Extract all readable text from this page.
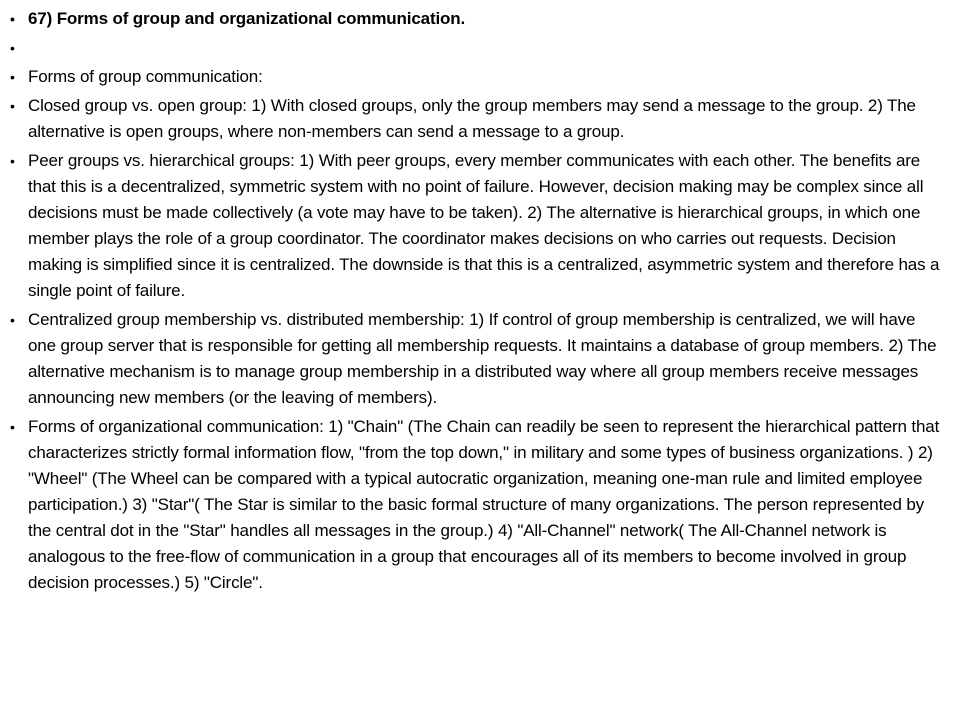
• 67) Forms of group and organizational communication.
•
• Forms of group communication:
• Closed group vs. open group: 1) With closed groups, only the group members may send a message to the group. 2) The alternative is open groups, where non-members can send a message to a group.
• Peer groups vs. hierarchical groups: 1) With peer groups, every member communicates with each other. The benefits are that this is a decentralized, symmetric system with no point of failure. However, decision making may be complex since all decisions must be made collectively (a vote may have to be taken). 2) The alternative is hierarchical groups, in which one member plays the role of a group coordinator. The coordinator makes decisions on who carries out requests. Decision making is simplified since it is centralized. The downside is that this is a centralized, asymmetric system and therefore has a single point of failure.
• Centralized group membership vs. distributed membership: 1) If control of group membership is centralized, we will have one group server that is responsible for getting all membership requests. It maintains a database of group members. 2) The alternative mechanism is to manage group membership in a distributed way where all group members receive messages announcing new members (or the leaving of members).
• Forms of organizational communication: 1) "Chain" (The Chain can readily be seen to represent the hierarchical pattern that characterizes strictly formal information flow, "from the top down," in military and some types of business organizations. ) 2) "Wheel" (The Wheel can be compared with a typical autocratic organization, meaning one-man rule and limited employee participation.) 3) "Star"( The Star is similar to the basic formal structure of many organizations. The person represented by the central dot in the "Star" handles all messages in the group.) 4) "All-Channel" network( The All-Channel network is analogous to the free-flow of communication in a group that encourages all of its members to become involved in group decision processes.) 5) "Circle".
